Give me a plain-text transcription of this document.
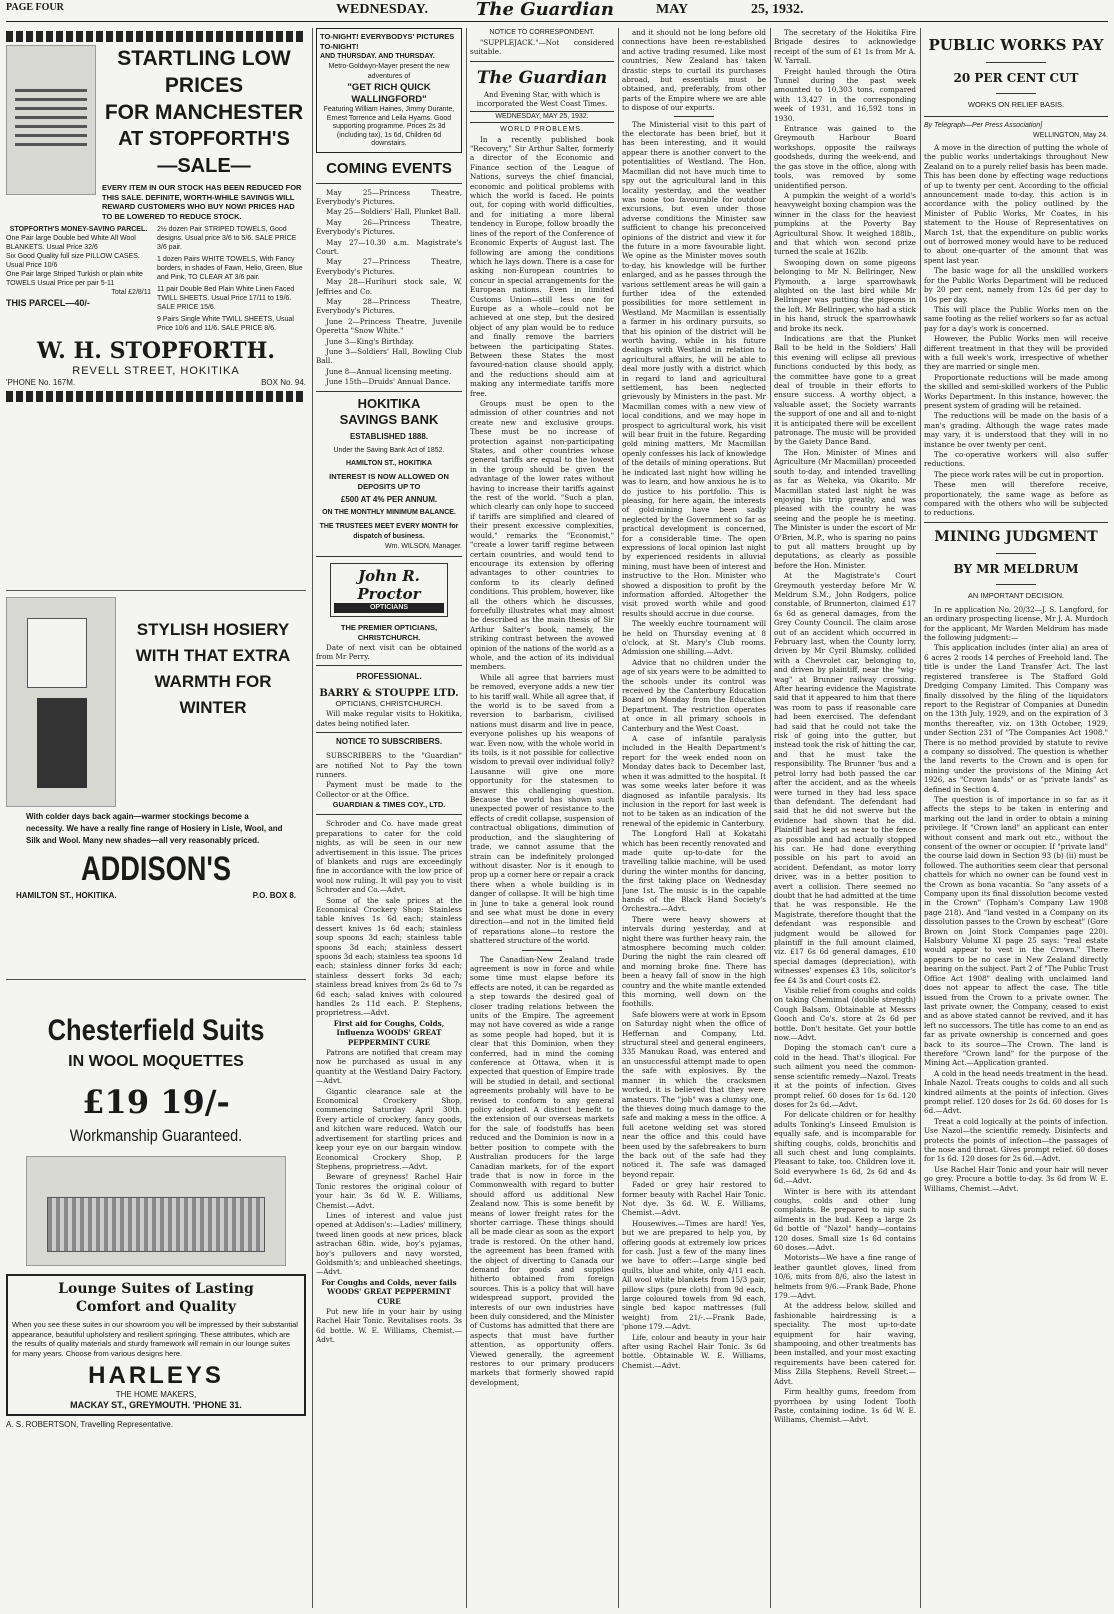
PAGE FOUR	WEDNESDAY.	The Guardian	MAY	25, 1932.
STARTLING LOW PRICES
FOR MANCHESTER
AT STOPFORTH'S
—SALE—
EVERY ITEM IN OUR STOCK HAS BEEN REDUCED FOR THIS SALE. DEFINITE, WORTH-WHILE SAVINGS WILL REWARD CUSTOMERS WHO BUY NOW! PRICES HAD TO BE LOWERED TO REDUCE STOCK.
STOPFORTH'S MONEY-SAVING PARCEL.
One Pair large Double bed White All Wool BLANKETS. Usual Price 32/6
Six Good Quality full size PILLOW CASES. Usual Price 10/6
One Pair large Striped Turkish or plain white TOWELS Usual Price per pair 5-11
Total £2/8/11
THIS PARCEL—40/-
2½ dozen Pair STRIPED TOWELS, Good designs. Usual price 3/6 to 5/6. SALE PRICE 3/6 pair.
1 dozen Pairs WHITE TOWELS, With Fancy borders, in shades of Fawn, Helio, Green, Blue and Pink, TO CLEAR AT 3/6 pair.
11 pair Double Bed Plain White Linen Faced TWILL SHEETS. Usual Price 17/11 to 19/6. SALE PRICE 15/6.
9 Pairs Single White TWILL SHEETS, Usual Price 10/6 and 11/6. SALE PRICE 8/6.
W. H. STOPFORTH.
REVELL STREET, HOKITIKA
'PHONE No. 167M.	BOX No. 94.
STYLISH HOSIERY
WITH THAT EXTRA
WARMTH FOR
WINTER
With colder days back again—warmer stockings become a necessity. We have a really fine range of Hosiery in Lisle, Wool, and Silk and Wool. Many new shades—all very reasonably priced.
ADDISON'S
HAMILTON ST., HOKITIKA.	P.O. BOX 8.
Chesterfield Suits
IN WOOL MOQUETTES
£19 19/-
Workmanship Guaranteed.
Lounge Suites of Lasting
Comfort and Quality
When you see these suites in our showroom you will be impressed by their substantial appearance, beautiful upholstery and resilient springing. These attributes, which are the results of quality materials and sturdy framework will remain in our lounge suites for many years. Choose from various designs here.
HARLEYS
THE HOME MAKERS,
MACKAY ST., GREYMOUTH. 'PHONE 31.
A. S. ROBERTSON, Travelling Representative.
TO-NIGHT! EVERYBODYS' PICTURES TO-NIGHT!
AND THURSDAY. AND THURSDAY.
Metro-Goldwyn-Mayer present the new adventures of
"GET RICH QUICK WALLINGFORD"
Featuring William Haines, Jimmy Durante, Ernest Torrence and Leila Hyams. Good supporting programme. Prices 2s 3d (including tax), 1s 6d, Children 6d downstairs.
COMING EVENTS
May 25—Princess Theatre, Everybody's Pictures.
May 25—Soldiers' Hall, Plunket Ball.
May 26—Princess Theatre, Everybody's Pictures.
May 27—10.30 a.m. Magistrate's Court.
May 27—Princess Theatre, Everybody's Pictures.
May 28—Hurihuri stock sale, W. Jeffries and Co.
May 28—Princess Theatre, Everybody's Pictures.
June 2—Princess Theatre, Juvenile Operetta "Snow White."
June 3—King's Birthday.
June 3—Soldiers' Hall, Bowling Club Ball.
June 8—Annual licensing meeting.
June 15th—Druids' Annual Dance.
HOKITIKA
SAVINGS BANK
ESTABLISHED 1888.
Under the Saving Bank Act of 1852.
HAMILTON ST., HOKITIKA
INTEREST IS NOW ALLOWED ON DEPOSITS UP TO
£500 AT 4% PER ANNUM.
ON THE MONTHLY MINIMUM BALANCE.
THE TRUSTEES MEET EVERY MONTH for dispatch of business.
Wm. WILSON, Manager.
John R. Proctor
OPTICIANS
THE PREMIER OPTICIANS, CHRISTCHURCH.
Date of next visit can be obtained from Mr Perry.
PROFESSIONAL.
BARRY & STOUPPE LTD.
OPTICIANS, CHRISTCHURCH.
Will make regular visits to Hokitika, dates being notified later.
NOTICE TO SUBSCRIBERS.
SUBSCRIBERS to the "Guardian" are notified Not to Pay the town runners.
Payment must be made to the Collector or at the Office.
GUARDIAN & TIMES COY., LTD.
Schroder and Co. have made great preparations to cater for the cold nights, as will be seen in our new advertisement in this issue. The prices of blankets and rugs are exceedingly fine in accordance with the low price of wool now ruling. It will pay you to visit Schroder and Co.—Advt.
Some of the sale prices at the Economical Crockery Shop: Stainless table knives 1s 6d each; stainless dessert knives 1s 6d each; stainless soup spoons 3d each; stainless table spoons 3d each; stainless dessert spoons 3d each; stainless tea spoons 1d each; stainless dinner forks 3d each; stainless dessert forks 3d each; stainless bread knives from 2s 6d to 7s 6d each; salad knives with coloured handles 2s 11d each. P. Stephens, proprietress.—Advt.
First aid for Coughs, Colds, Influenza WOODS' GREAT PEPPERMINT CURE
Patrons are notified that cream may now be purchased as usual in any quantity at the Westland Dairy Factory.—Advt.
Gigantic clearance sale at the Economical Crockery Shop, commencing Saturday April 30th. Every article of crockery, fancy goods, and kitchen ware reduced. Watch our advertisement for startling prices and keep your eye on our bargain window. Economical Crockery Shop, P. Stephens, proprietress.—Advt.
Beware of greyness! Rachel Hair Tonic restores the original colour of your hair. 3s 6d W. E. Williams, Chemist.—Advt.
Lines of interest and value just opened at Addison's:—Ladies' millinery, tweed linen goods at new prices, black astrachan 68in. wide, boy's pyjamas, boy's pullovers and navy worsted, Goldsmith's; and unbleached sheetings.—Advt.
For Coughs and Colds, never fails WOODS' GREAT PEPPERMINT CURE
Put new life in your hair by using Rachel Hair Tonic. Revitalises roots. 3s 6d bottle. W. E. Williams, Chemist.—Advt.
NOTICE TO CORRESPONDENT.
"SUPPLEJACK."—Not considered suitable.
The Guardian
And Evening Star, with which is incorporated the West Coast Times.
WEDNESDAY, MAY 25, 1932.
WORLD PROBLEMS.
In a recently published book "Recovery," Sir Arthur Salter, formerly a director of the Economic and Finance section of the League of Nations, surveys the chief financial, economic and political problems with which the world is faced. He points out, for coping with world difficulties, and for initiating a more liberal tendency in Europe, follow broadly the lines of the report of the Conference of Economic Experts of August last. The following are among the conditions which he lays down. There is a case for asking non-European countries to concur in special arrangements for the European nations. Even in limited Customs Union—still less one for Europe as a whole—could not be achieved at one step, but the desired object of any plan would be to reduce and finally remove the barriers between the participating States. Between these States the most favoured-nation clause should apply, and the reductions should aim at making any intermediate tariffs more free.
Groups must be open to the admission of other countries and not create new and exclusive groups. These must be no increase of protection against non-participating States, and other countries whose general tariffs are equal to the lowest in the group should be given the advantage of the lower rates without having to increase their tariffs against the rest of the world. "Such a plan, which clearly can only hope to succeed if tariffs are simplified and cleared of their present excessive complexities, would," remarks the "Economist," "create a lower tariff regime between certain countries, and would tend to encourage its extension by offering advantages to other countries to conform to its clearly defined conditions. This problem, however, like all the others which he discusses, forcefully illustrates what may almost be described as the main thesis of Sir Arthur Salter's book, namely, the striking contrast between the avowed opinion of the nations of the world as a whole, and the action of its individual members.
While all agree that barriers must be removed, everyone adds a new tier to his tariff wall. While all agree that, if the world is to be saved from a reversion to barbarism, civilised nations must disarm and live in peace, everyone polishes up his weapons of war. Even now, with the whole world in its toils, is it not possible for collective wisdom to prevail over individual folly? Lausanne will give one more opportunity for the statesmen to answer this challenging question. Because the world has shown such unexpected power of resistance to the effects of credit collapse, suspension of contractual obligations, diminution of production, and the slaughtering of trade, we cannot assume that the strain can be indefinitely prolonged without disaster. Nor is it enough to prop up a corner here or repair a crack there when a whole building is in danger of collapse. It will be high time in June to take a general look round and see what must be done in every direction—and not in the limited field of reparations alone—to restore the shattered structure of the world.
The Canadian-New Zealand trade agreement is now in force and while some time must elapse before its effects are noted, it can be regarded as a step towards the desired goal of closer trading relations between the units of the Empire. The agreement may not have covered as wide a range as some people had hoped, but it is clear that this Dominion, when they conferred, had in mind the coming conference at Ottawa, when it is expected that question of Empire trade will be studied in detail, and sectional agreements probably will have to be revised to conform to any general policy adopted. A distinct benefit to the extension of our overseas markets for the sale of foodstuffs has been reduced and the Dominion is now in a better position to compete with the Australian producers for the large Canadian markets, for of the export trade that is now in force in the Commonwealth with regard to butter should afford us additional New Zealand now. This is some benefit by means of lower freight rates for the shorter carriage. These things should all be made clear as soon as the export trade is restored. On the other hand, the agreement has been framed with the object of diverting to Canada our demand for goods and supplies hitherto obtained from foreign sources. This is a policy that will have widespread support, provided the interests of our own industries have been duly considered, and the Minister of Customs has admitted that there are aspects that must have further attention, as opportunity offers. Viewed generally, the agreement restores to our primary producers markets that formerly showed rapid development,
and it should not be long before old connections have been re-established and active trading resumed. Like most countries, New Zealand has taken drastic steps to curtail its purchases abroad, but essentials must be obtained, and, preferably, from other parts of the Empire where we are able to dispose of our exports.
The Ministerial visit to this part of the electorate has been brief, but it has been interesting, and it would appear there is another convert to the potentialities of Westland. The Hon. Macmillan did not have much time to spy out the agricultural land in this locality yesterday, and the weather was none too favourable for outdoor excursions, but even under those adverse conditions the Minister saw sufficient to change his preconceived opinions of the district and view it for the future in a more favourable light. We opine as the Minister moves south to-day, his knowledge will be further enlarged, and as he passes through the various settlement areas he will gain a further idea of the extended possibilities for more settlement in Westland. Mr Macmillan is essentially a farmer in his ordinary pursuits, so that his opinion of the district will be worth having, while in his future dealings with Westland in relation to agricultural affairs, he will be able to deal more justly with a district which in regard to land and agricultural settlement, has been neglected grievously by Ministers in the past. Mr Macmillan comes with a new view of local conditions, and we may hope in prospect to agricultural work, his visit will bear fruit in the future. Regarding gold mining matters, Mr Macmillan openly confesses his lack of knowledge of the details of mining operations. But he indicated last night how willing he was to learn, and how anxious he is to do justice to his portfolio. This is pleasing, for here again, the interests of gold-mining have been sadly neglected by the Government so far as practical development is concerned, for a considerable time. The open expressions of local opinion last night by experienced residents in alluvial mining, must have been of interest and instructive to the Hon. Minister who showed a disposition to profit by the information afforded. Altogether the visit proved worth while and good results should accrue in due course.
The weekly euchre tournament will be held on Thursday evening at 8 o'clock, at St. Mary's Club rooms. Admission one shilling.—Advt.
Advice that no children under the age of six years were to be admitted to the schools under its control was received by the Canterbury Education Board on Monday from the Education Department. The restriction operates at once in all primary schools in Canterbury and the West Coast.
A case of infantile paralysis included in the Health Department's report for the week ended noon on Monday dates back to December last, when it was admitted to the hospital. It was some weeks later before it was diagnosed as infantile paralysis. Its inclusion in the report for last week is not to be taken as an indication of the renewal of the epidemic in Canterbury.
The Longford Hall at Kokatahi which has been recently renovated and made quite up-to-date for the travelling talkie machine, will be used during the winter months for dancing, the first taking place on Wednesday June 1st. The music is in the capable hands of the Black Hand Society's Orchestra.—Advt.
There were heavy showers at intervals during yesterday, and at night there was further heavy rain, the atmosphere becoming much colder. During the night the rain cleared off and morning broke fine. There has been a heavy fall of snow in the high country and the white mantle extended this morning, well down on the foothills.
Safe blowers were at work in Epsom on Saturday night when the office of Heffernan and Company, Ltd. structural steel and general engineers, 335 Manukau Road, was entered and an unsuccessful attempt made to open the safe with explosives. By the manner in which the cracksmen worked, it is believed that they were amateurs. The "job" was a clumsy one, the thieves doing much damage to the safe and making a mess in the office. A full acetone welding set was stored near the office and this could have been used by the safebreakers to burn the back out of the safe had they noticed it. The safe was damaged beyond repair.
Faded or grey hair restored to former beauty with Rachel Hair Tonic. Not dye. 3s 6d. W. E. Williams, Chemist.—Advt.
Housewives.—Times are hard! Yes, but we are prepared to help you, by offering goods at extremely low prices for cash. Just a few of the many lines we have to offer:—Large single bed quilts, blue and white, only 4/11 each. All wool white blankets from 15/3 pair, pillow slips (pure cloth) from 9d each, large coloured towels from 9d each, single bed kapoc mattresses (full weight) from 21/-.—Frank Bade, 'phone 179.—Advt.
Life, colour and beauty in your hair after using Rachel Hair Tonic. 3s 6d bottle. Obtainable W. E. Williams, Chemist.—Advt.
The secretary of the Hokitika Fire Brigade desires to acknowledge receipt of the sum of £1 1s from Mr A. W. Yarrall.
Freight hauled through the Otira Tunnel during the past week amounted to 10,303 tons, compared with 13,427 in the corresponding week of 1931, and 16,592 tons in 1930.
Entrance was gained to the Greymouth Harbour Board workshops, opposite the railways goodsheds, during the week-end, and the gas stove in the office, along with tools, was removed by some unidentified person.
A pumpkin the weight of a world's heavyweight boxing champion was the winner in the class for the heaviest pumpkins at the Poverty Bay Agricultural Show. It weighed 188lb., and that which won second prize turned the scale at 162lb.
Swooping down on some pigeons belonging to Mr N. Bellringer, New Plymouth, a large sparrowhawk alighted on the last bird while Mr Bellringer was putting the pigeons in the loft. Mr Bellringer, who had a stick in his hand, struck the sparrowhawk and broke its neck.
Indications are that the Plunket Ball to be held in the Soldiers' Hall this evening will eclipse all previous functions conducted by this body, as the committee have gone to a great deal of trouble in their efforts to ensure success. A worthy object, a valuable asset, the Society warrants the support of one and all and to-night it is anticipated there will be excellent patronage. The music will be provided by the Gaiety Dance Band.
The Hon. Minister of Mines and Agriculture (Mr Macmillan) proceeded south to-day, and intended travelling as far as Weheka, via Okarito. Mr Macmillan stated last night he was enjoying his trip greatly, and was pleased with the country he was seeing and the people he is meeting. The Minister is under the escort of Mr O'Brien, M.P., who is sparing no pains to put all matters brought up by deputations, as clearly as possible before the Hon. Minister.
At the Magistrate's Court Greymouth yesterday before Mr W. Meldrum S.M., John Rodgers, police constable, of Brunnerton, claimed £17 6s 6d as general damages, from the Grey County Council. The claim arose out of an accident which occurred in February last, when the County lorry, driven by Mr Cyril Blumsky, collided with a Chevrolet car, belonging to, and driven by plaintiff, near the "wig-wag" at Brunner railway crossing. After hearing evidence the Magistrate said that it appeared to him that there was room to pass if reasonable care had been exercised. The defendant had said that he could not take the risk of going into the gutter, but instead took the risk of hitting the car, and that he must take the responsibility. The Brunner 'bus and a petrol lorry had both passed the car after the accident, and as the wheels were turned in they had less space than defendant. The defendant had said that he did not swerve but the evidence had shown that he did. Plaintiff had kept as near to the fence as possible and had actually stopped his car. He had done everything possible on his part to avoid an accident. Defendant, as motor lorry driver, was in a better position to avert a collision. There seemed no doubt that he had admitted at the time that he was responsible. He the Magistrate, therefore thought that the defendant was responsible and judgment would be allowed for plaintiff in the full amount claimed, viz. £17 6s 6d general damages, £10 special damages (depreciation), with witnesses' expenses £3 10s, solicitor's fee £4 3s and Court costs £2.
Visible relief from coughs and colds on taking Chemimal (double strength) Cough Balsam. Obtainable at Messrs Gooch and Co's. store at 2s 6d per bottle. Don't hesitate. Get your bottle now.—Advt.
Doping the stomach can't cure a cold in the head. That's illogical. For such ailment you need the common-sense scientific remedy—Nazol. Treats it at the points of infection. Gives prompt relief. 60 doses for 1s 6d. 120 doses for 2s 6d.—Advt.
For delicate children or for healthy adults Tonking's Linseed Emulsion is equally safe, and is incomparable for shifting coughs, colds, bronchitis and all such chest and lung complaints. Pleasant to take, too. Children love it. Sold everywhere 1s 6d, 2s 6d and 4s 6d.—Advt.
Winter is here with its attendant coughs, colds and other lung complaints. Be prepared to nip such ailments in the bud. Keep a large 2s 6d bottle of "Nazol" handy—contains 120 doses. Small size 1s 6d contains 60 doses.—Advt.
Motorists—We have a fine range of leather gauntlet gloves, lined from 10/6, mits from 8/6, also the latest in helmets from 9/6.—Frank Bade, Phone 179.—Advt.
At the address below, skilled and fashionable hairdressing is a speciality. The most up-to-date equipment for hair waving, shampooing, and other treatments has been installed, and your most exacting requirements have been catered for. Miss Zilla Stephens, Revell Street.—Advt.
Firm healthy gums, freedom from pyorrhoea by using Iodent Tooth Paste, containing iodine. 1s 6d W. E. Williams, Chemist.—Advt.
PUBLIC WORKS PAY
20 PER CENT CUT
WORKS ON RELIEF BASIS.
By Telegraph—Per Press Association]
WELLINGTON, May 24.
A move in the direction of putting the whole of the public works undertakings throughout New Zealand on to a purely relief basis has been made. This has been done by effecting wage reductions of up to twenty per cent. According to the official announcement made to-day, this action is in accordance with the policy outlined by the Minister of Public Works, Mr Coates, in his statement to the House of Representatives on March 1st, that the expenditure on public works out of borrowed money would have to be reduced to about one-quarter of the amount that was spent last year.
The basic wage for all the unskilled workers for the Public Works Department will be reduced by 20 per cent, namely from 12s 6d per day to 10s per day.
This will place the Public Works men on the same footing as the relief workers so far as actual pay for a day's work is concerned.
However, the Public Works men will receive different treatment in that they will be provided with a full week's work, irrespective of whether they are married or single men.
Proportionate reductions will be made among the skilled and semi-skilled workers of the Public Works Department. In this instance, however, the present system of grading will be retained.
The reductions will be made on the basis of a man's grading. Although the wage rates made may vary, it is understood that they will in no instance be over twenty per cent.
The co-operative workers will also suffer reductions.
The piece work rates will be cut in proportion.
These men will therefore receive, proportionately, the same wage as before as compared with the others who will be subjected to reductions.
MINING JUDGMENT
BY MR MELDRUM
AN IMPORTANT DECISION.
In re application No. 20/32—J. S. Langford, for an ordinary prospecting license, Mr J. A. Murdoch for the applicant, Mr Warden Meldrum has made the following judgment:—
This application includes (inter alia) an area of 6 acres 2 roods 14 perches of Freehold land. The title is under the Land Transfer Act. The last registered transferee is The Stafford Gold Dredging Company Limited. This Company was finally dissolved by the filing of the liquidators report to the Registrar of Companies at Dunedin on the 13th July, 1929, and on the expiration of 3 months thereafter, viz. on 13th October, 1929, under Section 231 of "The Companies Act 1908." There is no method provided by statute to revive a company so dissolved. The question is whether the land reverts to the Crown and is open for mining under the provisions of the Mining Act 1926, as "Crown lands" or as "private lands" as defined in Section 4.
The question is of importance in so far as it affects the steps to be taken in entering and marking out the land in order to obtain a mining privilege. If "Crown land" an applicant can enter without consent and mark out etc., without the consent of the owner or occupier. If "private land" the course laid down in Section 93 (b) (ii) must be followed. The authorities seem clear that personal chattels for which no owner can be found vest in the Crown as bona vacantia. So "any assets of a Company upon its final dissolution become vested in the Crown" (Topham's Company Law 1908 page 218). And "land vested in a Company on its dissolution passes to the Crown by escheat" (Gore Brown on Joint Stock Companies page 220). Halsbury Volume XI page 25 says: "real estate would appear to vest in the Crown." There appears to be no case in New Zealand directly bearing on the subject. Part 2 of "The Public Trust Office Act 1908" dealing with unclaimed land does not appear to affect the case. The title issued from the Crown to a private owner. The last private owner, the Company, ceased to exist and as above stated cannot be revived, and it has left no successors. The title has come to an end as far as private ownership is concerned and goes back to its source—The Crown. The land is therefore "Crown land" for the purpose of the Mining Act.—Application granted.
A cold in the head needs treatment in the head. Inhale Nazol. Treats coughs to colds and all such kindred ailments at the points of infection. Gives prompt relief. 120 doses for 2s 6d. 60 doses for 1s 6d.—Advt.
Treat a cold logically at the points of infection. Use Nazol—the scientific remedy. Disinfects and protects the points of infection—the passages of the nose and throat. Gives prompt relief. 60 doses for 1s 6d. 120 doses for 2s 6d.—Advt.
Use Rachel Hair Tonic and your hair will never go grey. Procure a bottle to-day. 3s 6d from W. E. Williams, Chemist.—Advt.
